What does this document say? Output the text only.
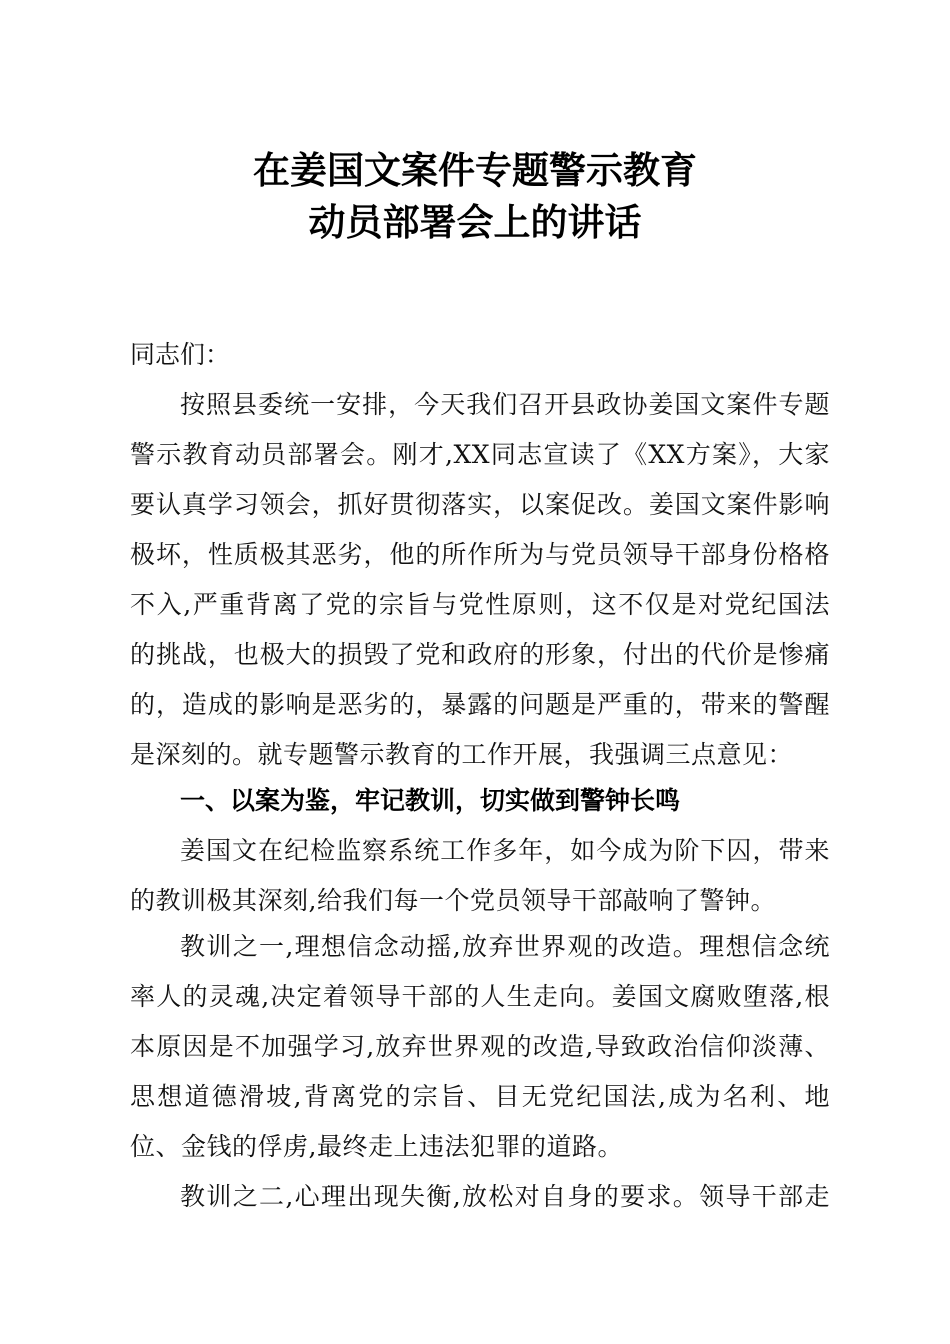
在姜国文案件专题警示教育
动员部署会上的讲话
同志们：
按照县委统一安排，今天我们召开县政协姜国文案件专题
警示教育动员部署会。刚才,XX同志宣读了《XX方案》，大家
要认真学习领会，抓好贯彻落实，以案促改。姜国文案件影响
极坏，性质极其恶劣，他的所作所为与党员领导干部身份格格
不入,严重背离了党的宗旨与党性原则，这不仅是对党纪国法
的挑战，也极大的损毁了党和政府的形象，付出的代价是惨痛
的，造成的影响是恶劣的，暴露的问题是严重的，带来的警醒
是深刻的。就专题警示教育的工作开展，我强调三点意见：
一、以案为鉴，牢记教训，切实做到警钟长鸣
姜国文在纪检监察系统工作多年，如今成为阶下囚，带来
的教训极其深刻,给我们每一个党员领导干部敲响了警钟。
教训之一,理想信念动摇,放弃世界观的改造。理想信念统
率人的灵魂,决定着领导干部的人生走向。姜国文腐败堕落,根
本原因是不加强学习,放弃世界观的改造,导致政治信仰淡薄、
思想道德滑坡,背离党的宗旨、目无党纪国法,成为名利、地
位、金钱的俘虏,最终走上违法犯罪的道路。
教训之二,心理出现失衡,放松对自身的要求。领导干部走
